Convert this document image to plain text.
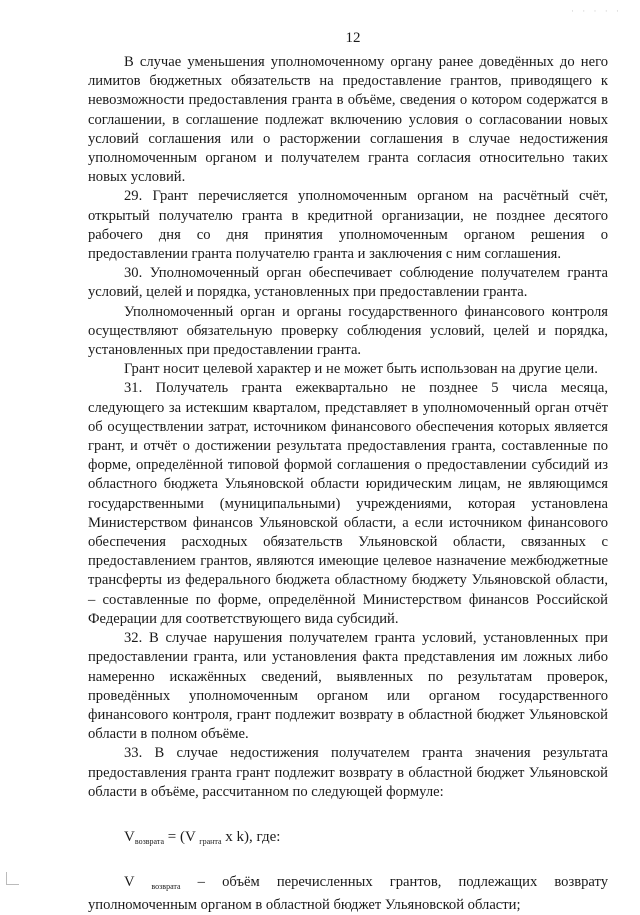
· · · · ·
12

В случае уменьшения уполномоченному органу ранее доведённых до него лимитов бюджетных обязательств на предоставление грантов, приводящего к невозможности предоставления гранта в объёме, сведения о котором содержатся в соглашении, в соглашение подлежат включению условия о согласовании новых условий соглашения или о расторжении соглашения в случае недостижения уполномоченным органом и получателем гранта согласия относительно таких новых условий.

29. Грант перечисляется уполномоченным органом на расчётный счёт, открытый получателю гранта в кредитной организации, не позднее десятого рабочего дня со дня принятия уполномоченным органом решения о предоставлении гранта получателю гранта и заключения с ним соглашения.

30. Уполномоченный орган обеспечивает соблюдение получателем гранта условий, целей и порядка, установленных при предоставлении гранта.

Уполномоченный орган и органы государственного финансового контроля осуществляют обязательную проверку соблюдения условий, целей и порядка, установленных при предоставлении гранта.

Грант носит целевой характер и не может быть использован на другие цели.

31. Получатель гранта ежеквартально не позднее 5 числа месяца, следующего за истекшим кварталом, представляет в уполномоченный орган отчёт об осуществлении затрат, источником финансового обеспечения которых является грант, и отчёт о достижении результата предоставления гранта, составленные по форме, определённой типовой формой соглашения о предоставлении субсидий из областного бюджета Ульяновской области юридическим лицам, не являющимся государственными (муниципальными) учреждениями, которая установлена Министерством финансов Ульяновской области, а если источником финансового обеспечения расходных обязательств Ульяновской области, связанных с предоставлением грантов, являются имеющие целевое назначение межбюджетные трансферты из федерального бюджета областному бюджету Ульяновской области, – составленные по форме, определённой Министерством финансов Российской Федерации для соответствующего вида субсидий.

32. В случае нарушения получателем гранта условий, установленных при предоставлении гранта, или установления факта представления им ложных либо намеренно искажённых сведений, выявленных по результатам проверок, проведённых уполномоченным органом или органом государственного финансового контроля, грант подлежит возврату в областной бюджет Ульяновской области в полном объёме.

33. В случае недостижения получателем гранта значения результата предоставления гранта грант подлежит возврату в областной бюджет Ульяновской области в объёме, рассчитанном по следующей формуле:

$V_{возврата} = (V$ $_{гранта}$ x k), где:

V $_{возврата}$ – объём перечисленных грантов, подлежащих возврату уполномоченным органом в областной бюджет Ульяновской области;
